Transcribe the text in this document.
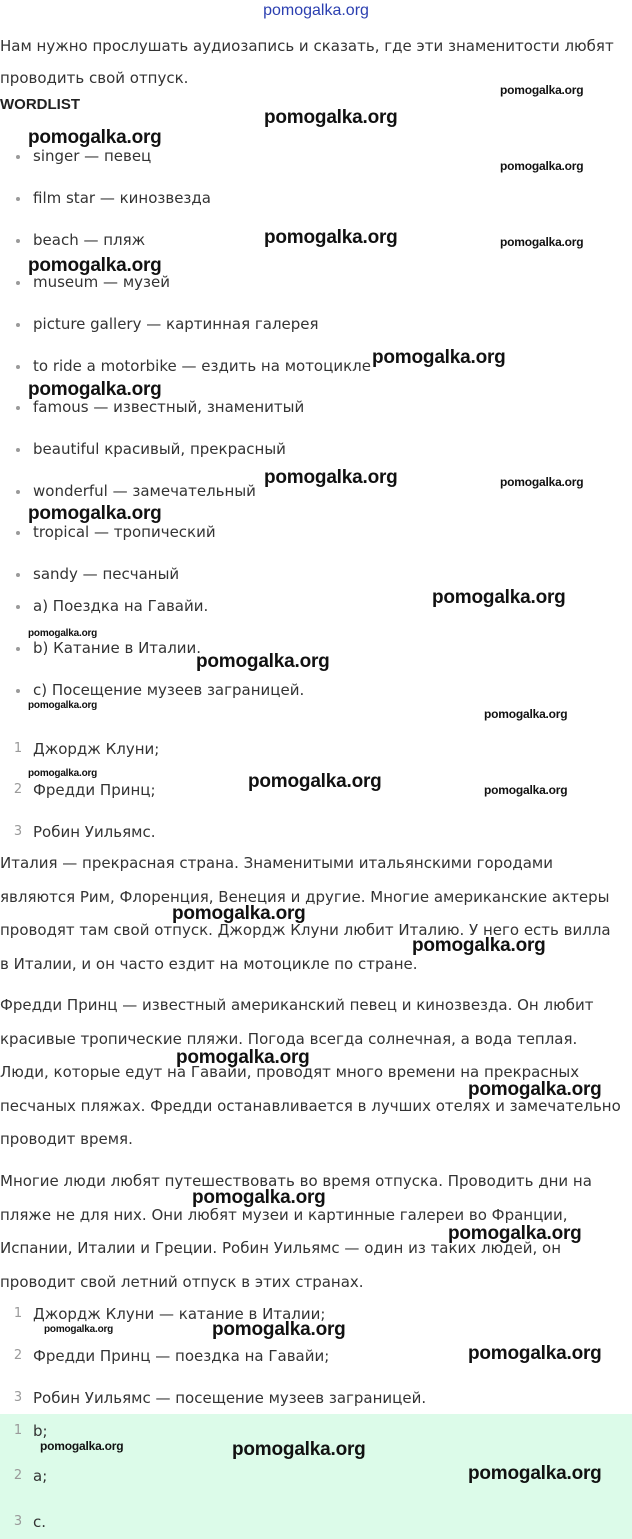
pomogalka.org

Нам нужно прослушать аудиозапись и сказать, где эти знаменитости любят проводить свой отпуск.

WORDLIST
singer — певец
film star — кинозвезда
beach — пляж
museum — музей
picture gallery — картинная галерея
to ride a motorbike — ездить на мотоцикле
famous — известный, знаменитый
beautiful красивый, прекрасный
wonderful — замечательный
tropical — тропический
sandy — песчаный
a) Поездка на Гавайи.
b) Катание в Италии.
c) Посещение музеев заграницей.
1 Джордж Клуни;
2 Фредди Принц;
3 Робин Уильямс.

Италия — прекрасная страна. Знаменитыми итальянскими городами являются Рим, Флоренция, Венеция и другие. Многие американские актеры проводят там свой отпуск. Джордж Клуни любит Италию. У него есть вилла в Италии, и он часто ездит на мотоцикле по стране.

Фредди Принц — известный американский певец и кинозвезда. Он любит красивые тропические пляжи. Погода всегда солнечная, а вода теплая. Люди, которые едут на Гавайи, проводят много времени на прекрасных песчаных пляжах. Фредди останавливается в лучших отелях и замечательно проводит время.

Многие люди любят путешествовать во время отпуска. Проводить дни на пляже не для них. Они любят музеи и картинные галереи во Франции, Испании, Италии и Греции. Робин Уильямс — один из таких людей, он проводит свой летний отпуск в этих странах.

1 Джордж Клуни — катание в Италии;
2 Фредди Принц — поездка на Гавайи;
3 Робин Уильямс — посещение музеев заграницей.
1 b;
2 a;
3 c.
pomogalka.org
pomogalka.org
pomogalka.org
pomogalka.org
pomogalka.org	pomogalka.org
pomogalka.org
pomogalka.org
pomogalka.org
pomogalka.org	pomogalka.org
pomogalka.org
pomogalka.org
pomogalka.org
pomogalka.org
pomogalka.org
pomogalka.org
pomogalka.org	pomogalka.org	pomogalka.org
pomogalka.org
pomogalka.org
pomogalka.org
pomogalka.org
pomogalka.org
pomogalka.org
pomogalka.org	pomogalka.org
pomogalka.org
pomogalka.org	pomogalka.org
pomogalka.org
